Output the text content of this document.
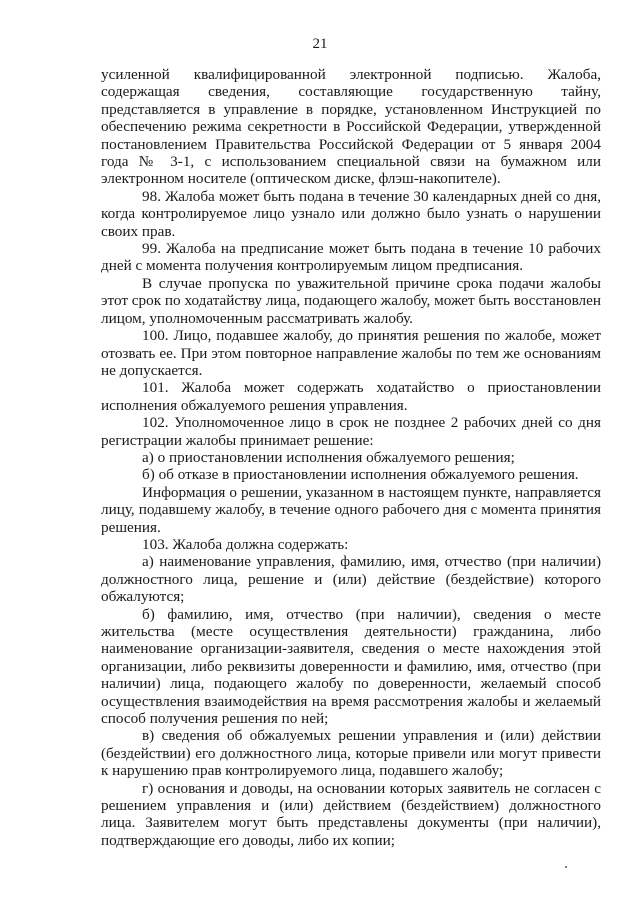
21

усиленной квалифицированной электронной подписью. Жалоба, содержащая сведения, составляющие государственную тайну, представляется в управление в порядке, установленном Инструкцией по обеспечению режима секретности в Российской Федерации, утвержденной постановлением Правительства Российской Федерации от 5 января 2004 года № 3-1, с использованием специальной связи на бумажном или электронном носителе (оптическом диске, флэш-накопителе).

98. Жалоба может быть подана в течение 30 календарных дней со дня, когда контролируемое лицо узнало или должно было узнать о нарушении своих прав.

99. Жалоба на предписание может быть подана в течение 10 рабочих дней с момента получения контролируемым лицом предписания.

В случае пропуска по уважительной причине срока подачи жалобы этот срок по ходатайству лица, подающего жалобу, может быть восстановлен лицом, уполномоченным рассматривать жалобу.

100. Лицо, подавшее жалобу, до принятия решения по жалобе, может отозвать ее. При этом повторное направление жалобы по тем же основаниям не допускается.

101. Жалоба может содержать ходатайство о приостановлении исполнения обжалуемого решения управления.

102. Уполномоченное лицо в срок не позднее 2 рабочих дней со дня регистрации жалобы принимает решение:

а) о приостановлении исполнения обжалуемого решения;

б) об отказе в приостановлении исполнения обжалуемого решения.

Информация о решении, указанном в настоящем пункте, направляется лицу, подавшему жалобу, в течение одного рабочего дня с момента принятия решения.

103. Жалоба должна содержать:

а) наименование управления, фамилию, имя, отчество (при наличии) должностного лица, решение и (или) действие (бездействие) которого обжалуются;

б) фамилию, имя, отчество (при наличии), сведения о месте жительства (месте осуществления деятельности) гражданина, либо наименование организации-заявителя, сведения о месте нахождения этой организации, либо реквизиты доверенности и фамилию, имя, отчество (при наличии) лица, подающего жалобу по доверенности, желаемый способ осуществления взаимодействия на время рассмотрения жалобы и желаемый способ получения решения по ней;

в) сведения об обжалуемых решении управления и (или) действии (бездействии) его должностного лица, которые привели или могут привести к нарушению прав контролируемого лица, подавшего жалобу;

г) основания и доводы, на основании которых заявитель не согласен с решением управления и (или) действием (бездействием) должностного лица. Заявителем могут быть представлены документы (при наличии), подтверждающие его доводы, либо их копии;
